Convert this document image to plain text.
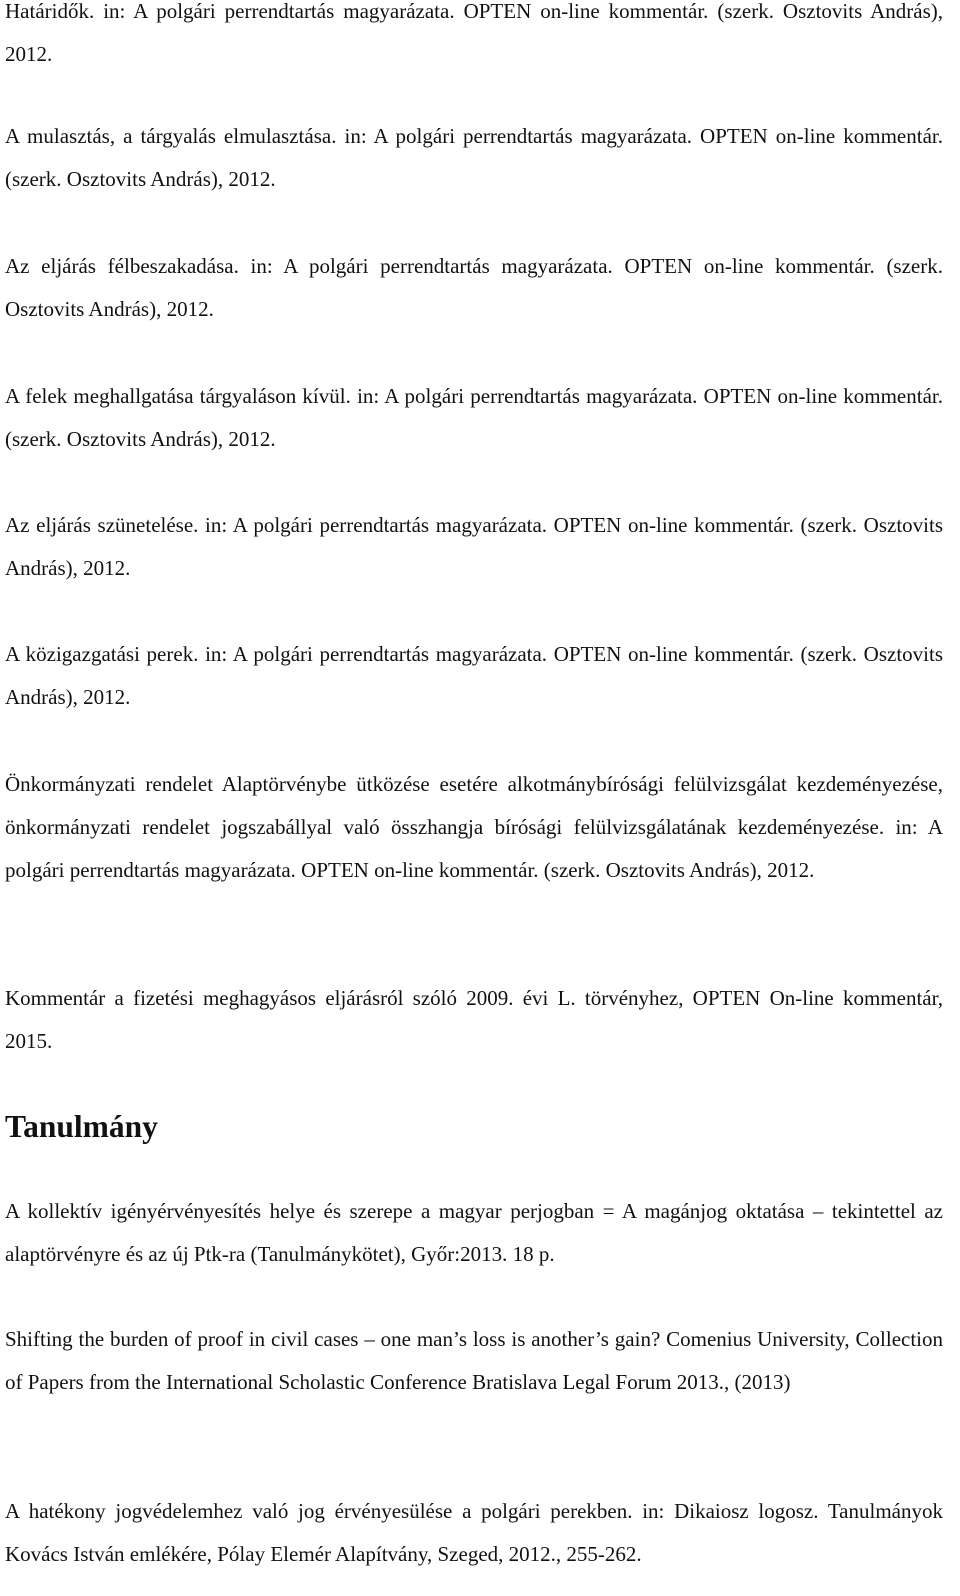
Határidők. in: A polgári perrendtartás magyarázata. OPTEN on-line kommentár. (szerk. Osztovits András), 2012.

A mulasztás, a tárgyalás elmulasztása. in: A polgári perrendtartás magyarázata. OPTEN on-line kommentár. (szerk. Osztovits András), 2012.

Az eljárás félbeszakadása. in: A polgári perrendtartás magyarázata. OPTEN on-line kommentár. (szerk. Osztovits András), 2012.

A felek meghallgatása tárgyaláson kívül. in: A polgári perrendtartás magyarázata. OPTEN on-line kommentár. (szerk. Osztovits András), 2012.

Az eljárás szünetelése. in: A polgári perrendtartás magyarázata. OPTEN on-line kommentár. (szerk. Osztovits András), 2012.

A közigazgatási perek. in: A polgári perrendtartás magyarázata. OPTEN on-line kommentár. (szerk. Osztovits András), 2012.

Önkormányzati rendelet Alaptörvénybe ütközése esetére alkotmánybírósági felülvizsgálat kezdeményezése, önkormányzati rendelet jogszabállyal való összhangja bírósági felülvizsgálatának kezdeményezése. in: A polgári perrendtartás magyarázata. OPTEN on-line kommentár. (szerk. Osztovits András), 2012.

Kommentár a fizetési meghagyásos eljárásról szóló 2009. évi L. törvényhez, OPTEN On-line kommentár, 2015.

Tanulmány

A kollektív igényérvényesítés helye és szerepe a magyar perjogban = A magánjog oktatása – tekintettel az alaptörvényre és az új Ptk-ra (Tanulmánykötet), Győr:2013. 18 p.

Shifting the burden of proof in civil cases – one man’s loss is another’s gain? Comenius University, Collection of Papers from the International Scholastic Conference Bratislava Legal Forum 2013., (2013)

A hatékony jogvédelemhez való jog érvényesülése a polgári perekben. in: Dikaiosz logosz. Tanulmányok Kovács István emlékére, Pólay Elemér Alapítvány, Szeged, 2012., 255-262.
